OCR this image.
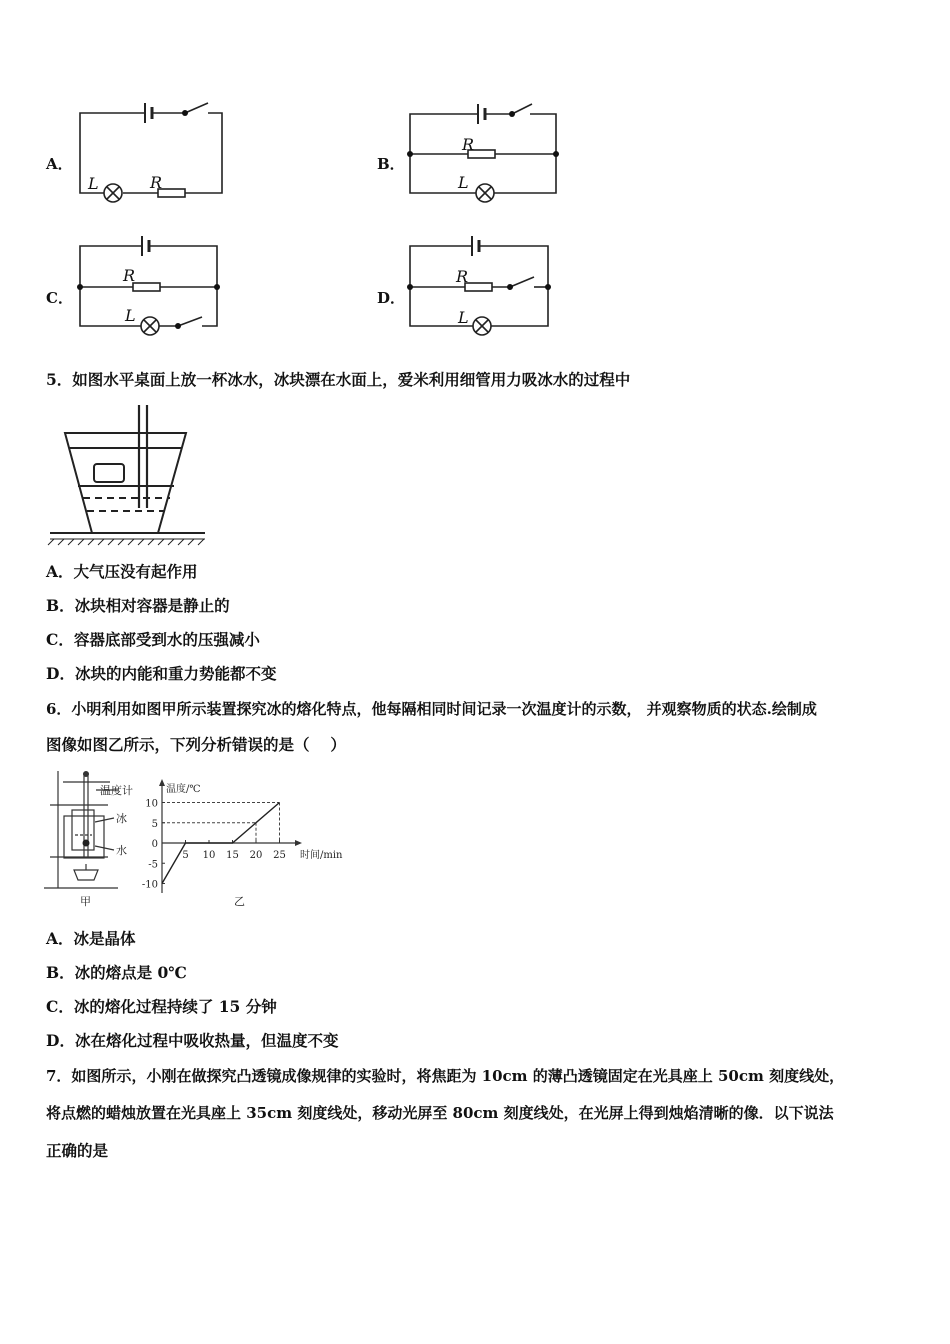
A．
L	R
R
L
R
L
R
L
B．
C．	D．
5．如图水平桌面上放一杯冰水，冰块漂在水面上，爱米利用细管用力吸冰水的过程中
A．大气压没有起作用
B．冰块相对容器是静止的
C．容器底部受到水的压强减小
D．冰块的内能和重力势能都不变
6．小明利用如图甲所示装置探究冰的熔化特点，他每隔相同时间记录一次温度计的示数， 并观察物质的状态.绘制成
图像如图乙所示，下列分析错误的是（　 ）
温度计
冰
水
甲
-10
-5
0
5
10
5 10 15 20 25
温度/℃
时间/min
乙
A．冰是晶体
B．冰的熔点是 0℃
C．冰的熔化过程持续了 15 分钟
D．冰在熔化过程中吸收热量，但温度不变
7．如图所示，小刚在做探究凸透镜成像规律的实验时，将焦距为 10cm 的薄凸透镜固定在光具座上 50cm 刻度线处，
将点燃的蜡烛放置在光具座上 35cm 刻度线处，移动光屏至 80cm 刻度线处，在光屏上得到烛焰清晰的像．以下说法
正确的是
